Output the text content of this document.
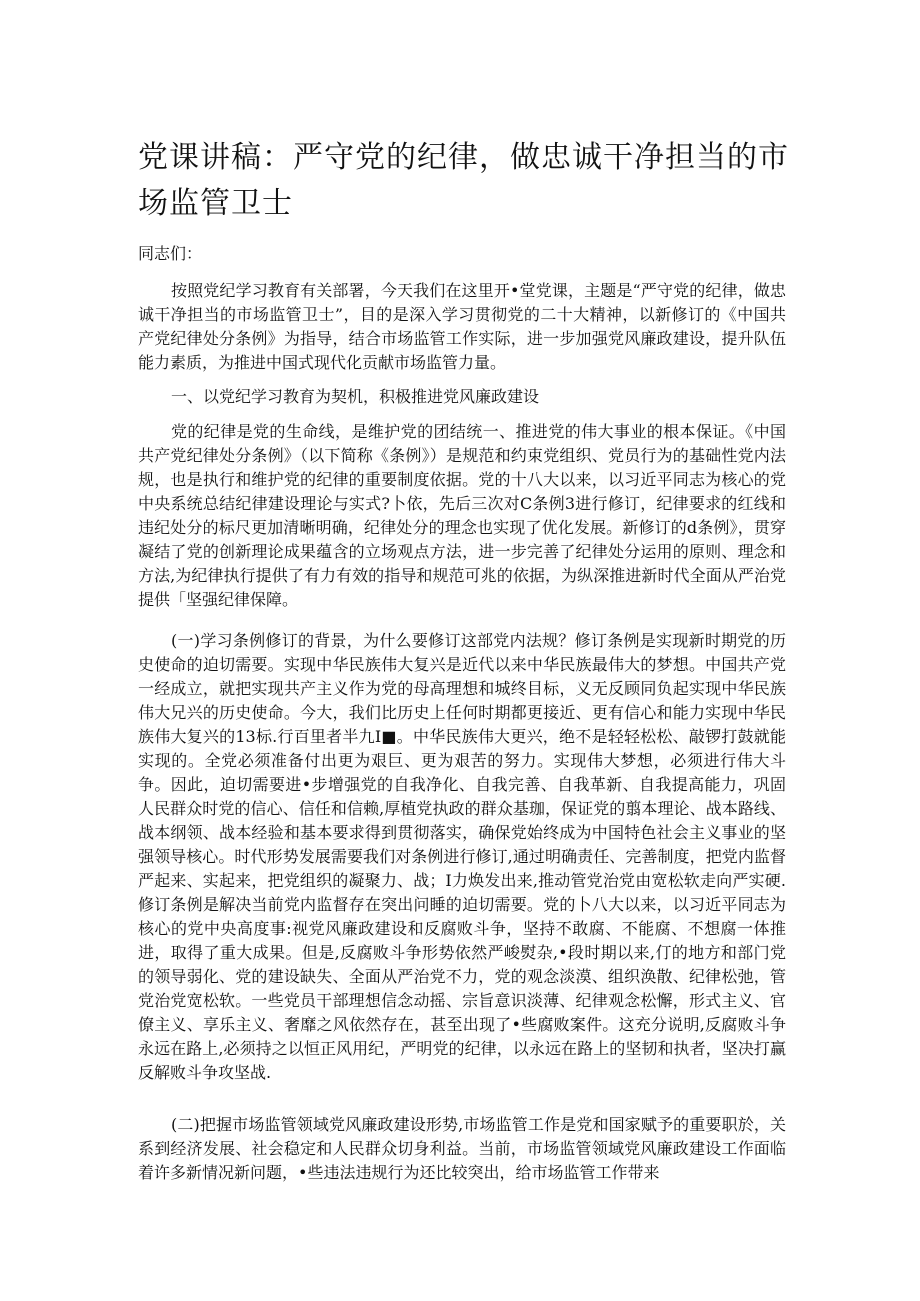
党课讲稿：严守党的纪律，做忠诚干净担当的市场监管卫士

同志们：

按照党纪学习教育有关部署，今天我们在这里开•堂党课，主题是“严守党的纪律，做忠诚干净担当的市场监管卫士”，目的是深入学习贯彻党的二十大精神，以新修订的《中国共产党纪律处分条例》为指导，结合市场监管工作实际，进一步加强党风廉政建设，提升队伍能力素质，为推进中国式现代化贡献市场监管力量。

一、以党纪学习教育为契机，积极推进党风廉政建设

党的纪律是党的生命线，是维护党的团结统一、推进党的伟大事业的根本保证。《中国共产党纪律处分条例》（以下简称《条例》）是规范和约束党组织、党员行为的基础性党内法规，也是执行和维护党的纪律的重要制度依据。党的十八大以来，以习近平同志为核心的党中央系统总结纪律建设理论与实式?卜依，先后三次对C条例3进行修订，纪律要求的红线和违纪处分的标尺更加清晰明确，纪律处分的理念也实现了优化发展。新修订的d条例》，贯穿凝结了党的创新理论成果蕴含的立场观点方法，进一步完善了纪律处分运用的原则、理念和方法,为纪律执行提供了有力有效的指导和规范可兆的依据，为纵深推进新时代全面从严治党提供「坚强纪律保障。

(一)学习条例修订的背景，为什么要修订这部党内法规？修订条例是实现新时期党的历史使命的迫切需要。实现中华民族伟大复兴是近代以来中华民族最伟大的梦想。中国共产党一经成立，就把实现共产主义作为党的母高理想和城终目标，义无反顾同负起实现中华民族伟大兄兴的历史使命。今大，我们比历史上任何时期都更接近、更有信心和能力实现中华民族伟大复兴的13标.行百里者半九I■。中华民族伟大更兴，绝不是轻轻松松、敲锣打鼓就能实现的。全党必须准备付出更为艰巨、更为艰苦的努力。实现伟大梦想，必须进行伟大斗争。因此，迫切需要进•步增强党的自我净化、自我完善、自我革新、自我提高能力，巩固人民群众时党的信心、信任和信赖,厚植党执政的群众基珈，保证党的翦本理论、战本路线、战本纲领、战本经验和基本要求得到贯彻落实，确保党始终成为中国特色社会主义事业的坚强领导核心。时代形势发展需要我们对条例进行修订,通过明确责任、完善制度，把党内监督严起来、实起来，把党组织的凝聚力、战；I力焕发出来,推动管党治党由宽松软走向严实硬.修订条例是解决当前党内监督存在突出问睡的迫切需要。党的卜八大以来，以习近平同志为核心的党中央高度事:视党风廉政建设和反腐败斗争，坚持不敢腐、不能腐、不想腐一体推进，取得了重大成果。但是,反腐败斗争形势依然严峻熨杂,•段时期以来,仃的地方和部门党的领导弱化、党的建设缺失、全面从严治党不力，党的观念淡漠、组织涣散、纪律松弛，管党治党宽松软。一些党员干部理想信念动摇、宗旨意识淡薄、纪律观念松懈，形式主义、官僚主义、享乐主义、奢靡之风依然存在，甚至出现了•些腐败案件。这充分说明,反腐败斗争永远在路上,必须持之以恒正风用纪，严明党的纪律，以永远在路上的坚韧和执者，坚决打赢反解败斗争攻坚战.

(二)把握市场监管领域党风廉政建设形势,市场监管工作是党和国家赋予的重要职於，关系到经济发展、社会稳定和人民群众切身利益。当前，市场监管领域党风廉政建设工作面临着许多新情况新问题，•些违法违规行为还比较突出，给市场监管工作带来
